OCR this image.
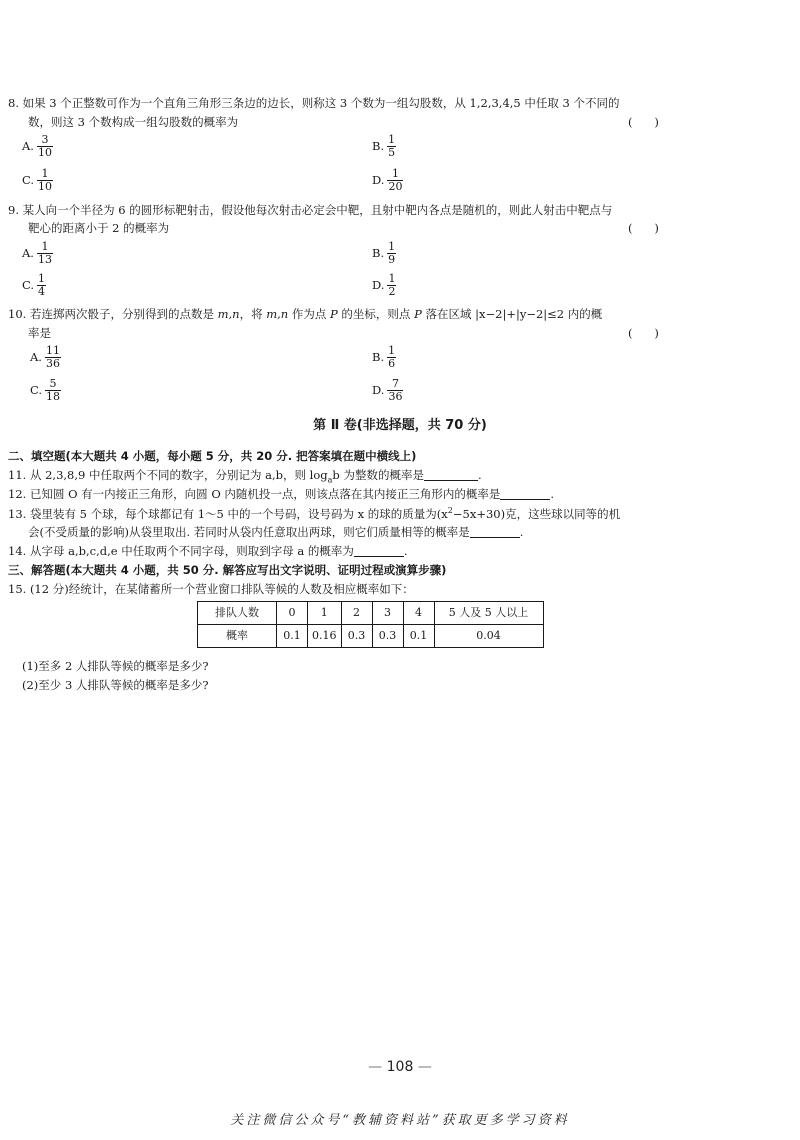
8. 如果 3 个正整数可作为一个直角三角形三条边的边长，则称这 3 个数为一组勾股数，从 1,2,3,4,5 中任取 3 个不同的
数，则这 3 个数构成一组勾股数的概率为	(      )
A. $\frac{3}{10}$	B. $\frac{1}{5}$
C. $\frac{1}{10}$	D. $\frac{1}{20}$
9. 某人向一个半径为 6 的圆形标靶射击，假设他每次射击必定会中靶，且射中靶内各点是随机的，则此人射击中靶点与
靶心的距离小于 2 的概率为	(      )
A. $\frac{1}{13}$	B. $\frac{1}{9}$
C. $\frac{1}{4}$	D. $\frac{1}{2}$
10. 若连掷两次骰子，分别得到的点数是 m,n，将 m,n 作为点 P 的坐标，则点 P 落在区域 |x−2|+|y−2|≤2 内的概
率是	(      )
A. $\frac{11}{36}$	B. $\frac{1}{6}$
C. $\frac{5}{18}$	D. $\frac{7}{36}$
第 Ⅱ 卷(非选择题，共 70 分)
二、填空题(本大题共 4 小题，每小题 5 分，共 20 分. 把答案填在题中横线上)
11. 从 2,3,8,9 中任取两个不同的数字，分别记为 a,b，则 $\log_ab$ 为整数的概率是	.
12. 已知圆 O 有一内接正三角形，向圆 O 内随机投一点，则该点落在其内接正三角形内的概率是	.
13. 袋里装有 5 个球，每个球都记有 1～5 中的一个号码，设号码为 x 的球的质量为$(x^2-5x+30)$克，这些球以同等的机
会(不受质量的影响)从袋里取出. 若同时从袋内任意取出两球，则它们质量相等的概率是	.
14. 从字母 a,b,c,d,e 中任取两个不同字母，则取到字母 a 的概率为	.
三、解答题(本大题共 4 小题，共 50 分. 解答应写出文字说明、证明过程或演算步骤)
15. (12 分)经统计，在某储蓄所一个营业窗口排队等候的人数及相应概率如下：
排队人数	0	1	2	3	4	5 人及 5 人以上
概率	0.1	0.16	0.3	0.3	0.1	0.04
(1)至多 2 人排队等候的概率是多少?
(2)至少 3 人排队等候的概率是多少?
— 108 —
关注微信公众号“教辅资料站”获取更多学习资料
